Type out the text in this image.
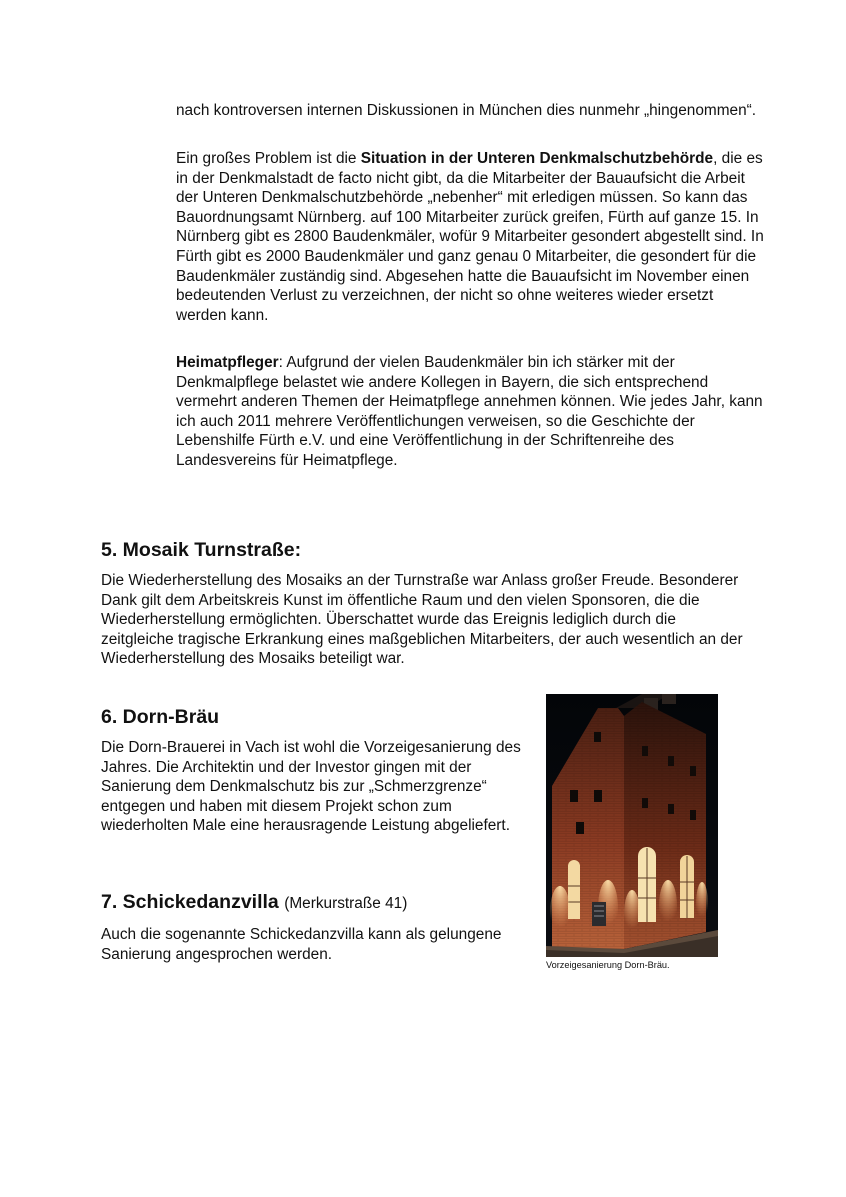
nach kontroversen internen Diskussionen in München dies nunmehr „hingenommen“.

Ein großes Problem ist die Situation in der Unteren Denkmalschutzbehörde, die es in der Denkmalstadt de facto nicht gibt, da die Mitarbeiter der Bauaufsicht die Arbeit der Unteren Denkmalschutzbehörde „nebenher“ mit erledigen müssen. So kann das Bauordnungsamt Nürnberg. auf 100 Mitarbeiter zurück greifen, Fürth auf ganze 15. In Nürnberg gibt es 2800 Baudenkmäler, wofür 9 Mitarbeiter gesondert abgestellt sind. In Fürth gibt es 2000 Baudenkmäler und ganz genau 0 Mitarbeiter, die gesondert für die Baudenkmäler zuständig sind. Abgesehen hatte die Bauaufsicht im November einen bedeutenden Verlust zu verzeichnen, der nicht so ohne weiteres wieder ersetzt werden kann.

Heimatpfleger: Aufgrund der vielen Baudenkmäler bin ich stärker mit der Denkmalpflege belastet wie andere Kollegen in Bayern, die sich entsprechend vermehrt anderen Themen der Heimatpflege annehmen können. Wie jedes Jahr, kann ich auch 2011 mehrere Veröffentlichungen verweisen, so die Geschichte der Lebenshilfe Fürth e.V. und eine Veröffentlichung in der Schriftenreihe des Landesvereins für Heimatpflege.

5. Mosaik Turnstraße:

Die Wiederherstellung des Mosaiks an der Turnstraße war Anlass großer Freude. Besonderer Dank gilt dem Arbeitskreis Kunst im öffentliche Raum und den vielen Sponsoren, die die Wiederherstellung ermöglichten. Überschattet wurde das Ereignis lediglich durch die zeitgleiche tragische Erkrankung eines maßgeblichen Mitarbeiters, der auch wesentlich an der Wiederherstellung des Mosaiks beteiligt war.

6. Dorn-Bräu

Die Dorn-Brauerei in Vach ist wohl die Vorzeigesanierung des Jahres. Die Architektin und der Investor gingen mit der Sanierung dem Denkmalschutz bis zur „Schmerzgrenze“ entgegen und haben mit diesem Projekt schon zum wiederholten Male eine herausragende Leistung abgeliefert.

7. Schickedanzvilla (Merkurstraße 41)

Auch die sogenannte Schickedanzvilla kann als gelungene Sanierung angesprochen werden.

Vorzeigesanierung Dorn-Bräu.
